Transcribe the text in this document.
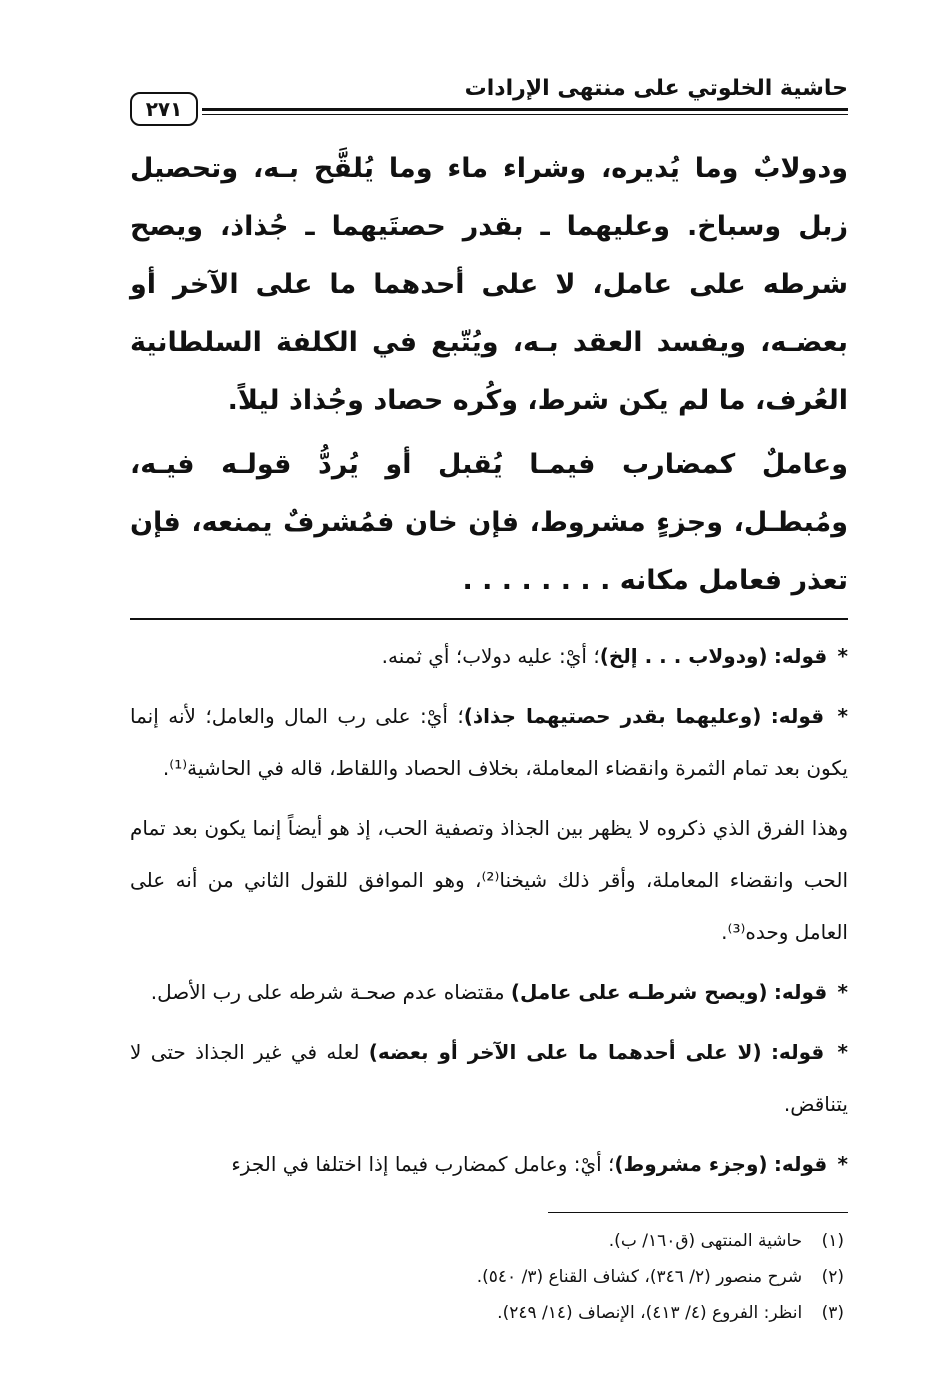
حاشية الخلوتي على منتهى الإرادات
٢٧١

ودولابٌ وما يُديره، وشراء ماء وما يُلقَّح بـه، وتحصيل زبل وسباخ. وعليهما ـ بقدر حصتَيهما ـ جُذاذ، ويصح شرطه على عامل، لا على أحدهما ما على الآخر أو بعضـه، ويفسد العقد بـه، ويُتّبع في الكلفة السلطانية العُرف، ما لم يكن شرط، وكُره حصاد وجُذاذ ليلاً.

وعاملٌ كمضارب فيمـا يُقبل أو يُردُّ قولـه فيـه، ومُبطـل، وجزءٍ مشروط، فإن خان فمُشرفٌ يمنعه، فإن تعذر فعامل مكانه . . . . . . . .

* قوله: (ودولاب . . . إلخ)؛ أيْ: عليه دولاب؛ أي ثمنه.

* قوله: (وعليهما بقدر حصتيهما جذاذ)؛ أيْ: على رب المال والعامل؛ لأنه إنما يكون بعد تمام الثمرة وانقضاء المعاملة، بخلاف الحصاد واللقاط، قاله في الحاشية⁽¹⁾.

وهذا الفرق الذي ذكروه لا يظهر بين الجذاذ وتصفية الحب، إذ هو أيضاً إنما يكون بعد تمام الحب وانقضاء المعاملة، وأقر ذلك شيخنا⁽²⁾، وهو الموافق للقول الثاني من أنه على العامل وحده⁽³⁾.

* قوله: (ويصح شرطـه على عامل) مقتضاه عدم صحـة شرطه على رب الأصل.

* قوله: (لا على أحدهما ما على الآخر أو بعضه) لعله في غير الجذاذ حتى لا يتناقض.

* قوله: (وجزء مشروط)؛ أيْ: وعامل كمضارب فيما إذا اختلفا في الجزء

(١) حاشية المنتهى (ق١٦٠/ ب).
(٢) شرح منصور (٢/ ٣٤٦)، كشاف القناع (٣/ ٥٤٠).
(٣) انظر: الفروع (٤/ ٤١٣)، الإنصاف (١٤/ ٢٤٩).
